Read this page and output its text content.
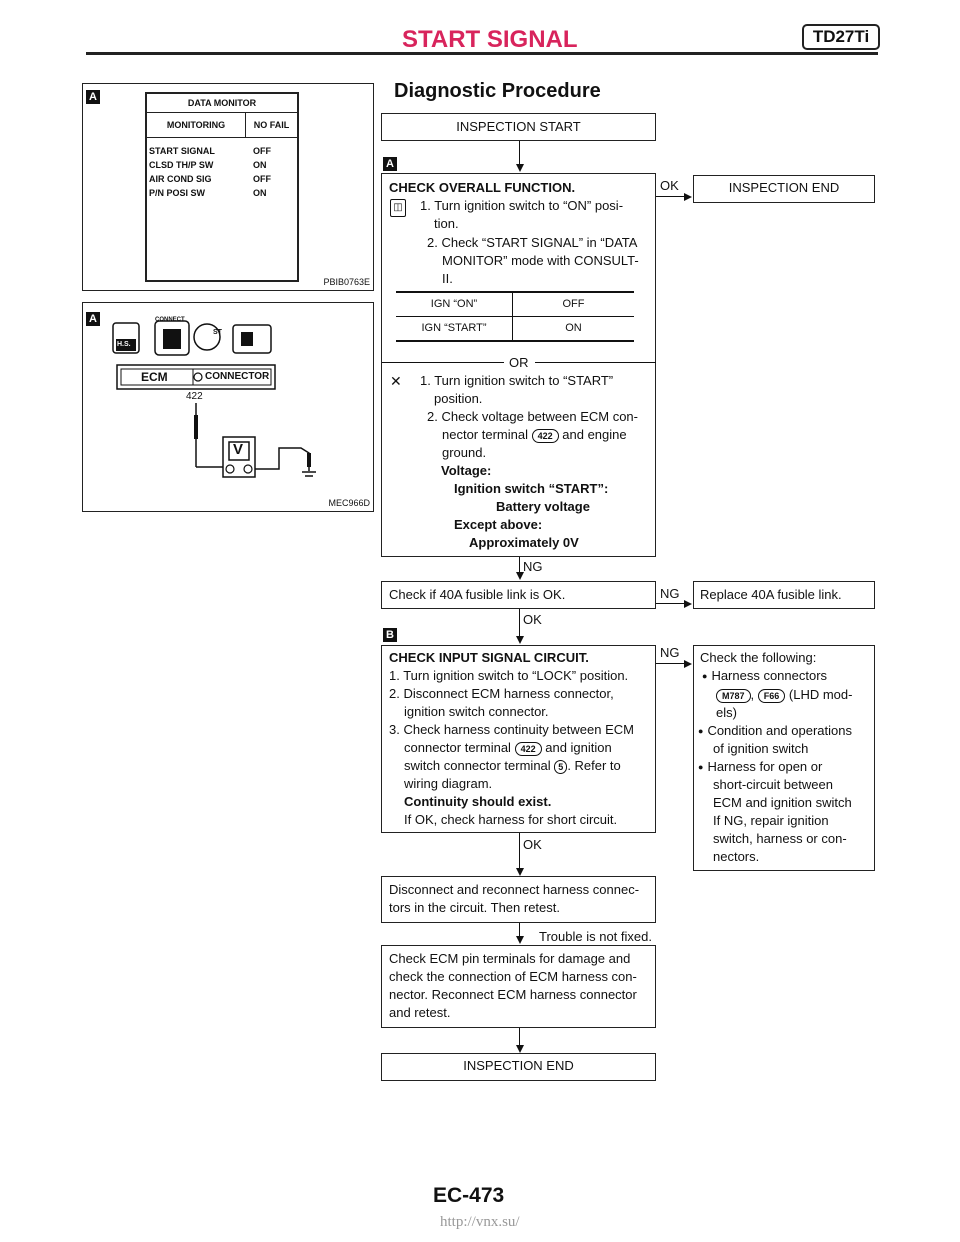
START SIGNAL	TD27Ti
A	DATA MONITOR
MONITORING	NO FAIL
START SIGNAL	OFF
CLSD TH/P SW	ON
AIR COND SIG	OFF
P/N POSI SW	ON
PBIB0763E
A	CONNECT
H.S.
ST
ECM	CONNECTOR
422
V
MEC966D
Diagnostic Procedure
INSPECTION START
A
CHECK OVERALL FUNCTION.
◫ 1. Turn ignition switch to “ON” posi-
tion.
2. Check “START SIGNAL” in “DATA
MONITOR” mode with CONSULT-
II.
IGN “ON”	OFF
IGN “START”	ON
OR
✕ 1. Turn ignition switch to “START”
position.
2. Check voltage between ECM con-
nector terminal 422 and engine
ground.
Voltage:
Ignition switch “START”:
Battery voltage
Except above:
Approximately 0V
OK	INSPECTION END
NG
Check if 40A fusible link is OK.	NG	Replace 40A fusible link.
OK
B
CHECK INPUT SIGNAL CIRCUIT.
1. Turn ignition switch to “LOCK” position.
2. Disconnect ECM harness connector,
ignition switch connector.
3. Check harness continuity between ECM
connector terminal 422 and ignition
switch connector terminal 5 . Refer to
wiring diagram.
Continuity should exist.
If OK, check harness for short circuit.
NG Check the following:
● Harness connectors
M787 , F66 (LHD mod-
els)
● Condition and operations
of ignition switch
● Harness for open or
short-circuit between
ECM and ignition switch
If NG, repair ignition
switch, harness or con-
nectors.
OK
Disconnect and reconnect harness connec-
tors in the circuit. Then retest.
Trouble is not fixed.
Check ECM pin terminals for damage and
check the connection of ECM harness con-
nector. Reconnect ECM harness connector
and retest.
INSPECTION END
EC-473
http://vnx.su/
